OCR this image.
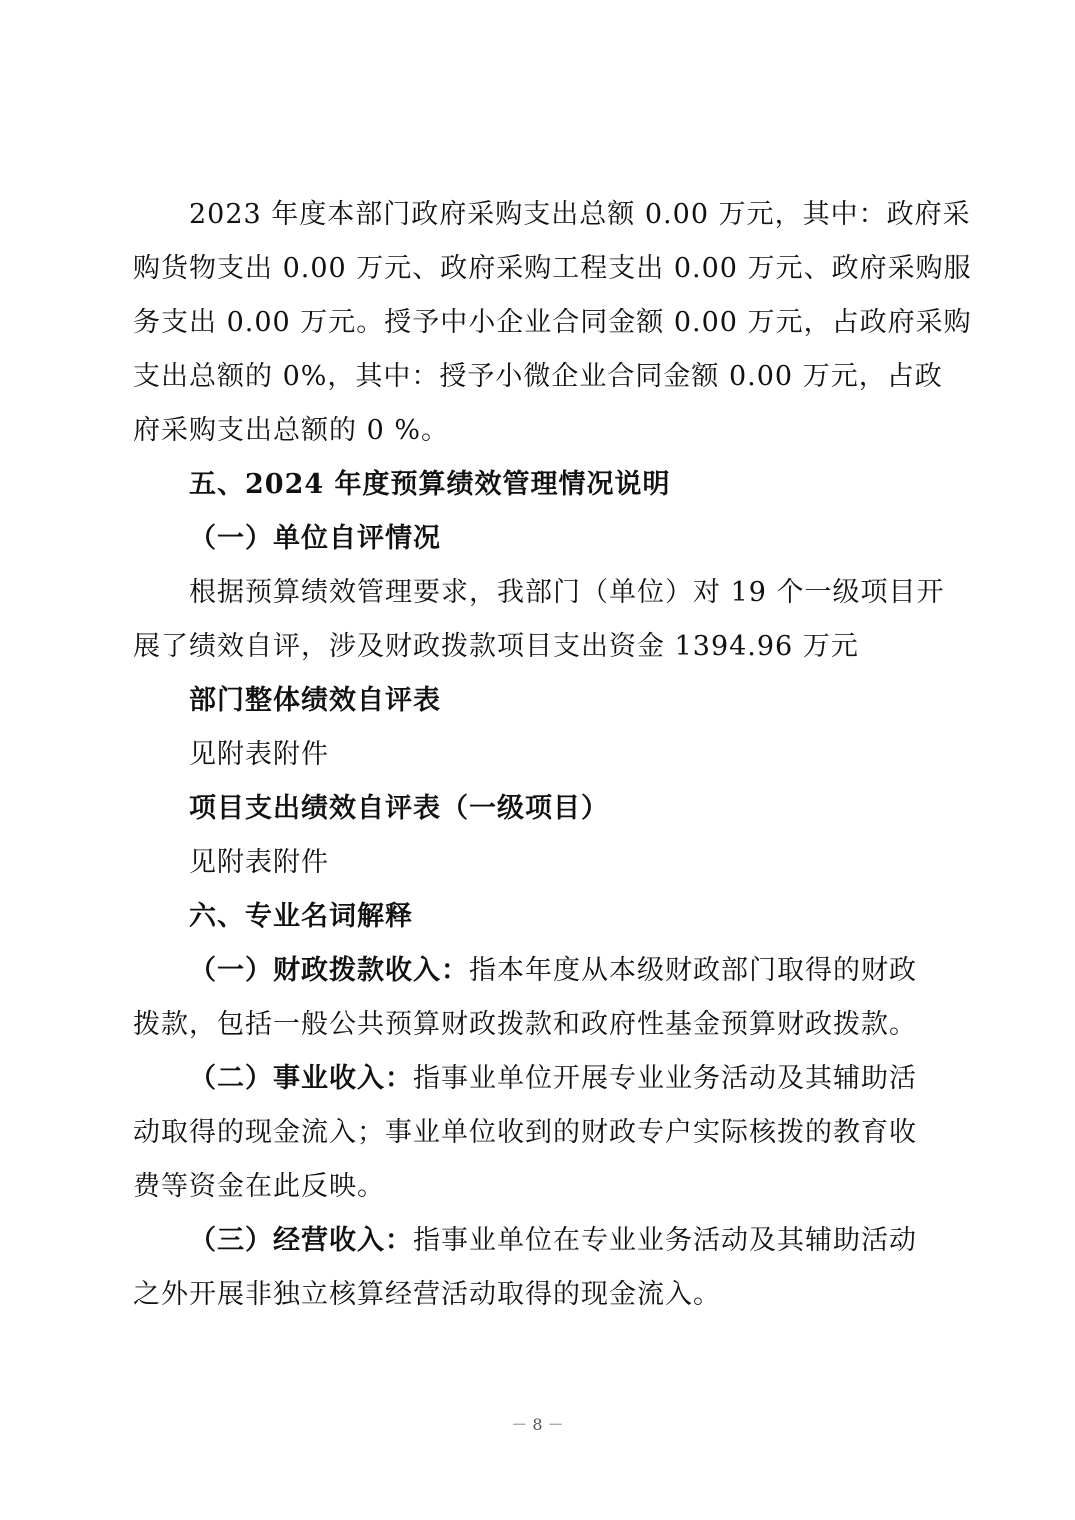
2023 年度本部门政府采购支出总额 0.00 万元，其中：政府采

购货物支出 0.00 万元、政府采购工程支出 0.00 万元、政府采购服

务支出 0.00 万元。授予中小企业合同金额 0.00 万元，占政府采购

支出总额的 0%，其中：授予小微企业合同金额 0.00 万元，占政

府采购支出总额的 0 %。

五、2024 年度预算绩效管理情况说明

（一）单位自评情况

根据预算绩效管理要求，我部门（单位）对 19 个一级项目开

展了绩效自评，涉及财政拨款项目支出资金 1394.96 万元

部门整体绩效自评表

见附表附件

项目支出绩效自评表（一级项目）

见附表附件

六、专业名词解释

（一）财政拨款收入：指本年度从本级财政部门取得的财政

拨款，包括一般公共预算财政拨款和政府性基金预算财政拨款。

（二）事业收入：指事业单位开展专业业务活动及其辅助活

动取得的现金流入；事业单位收到的财政专户实际核拨的教育收

费等资金在此反映。

（三）经营收入：指事业单位在专业业务活动及其辅助活动

之外开展非独立核算经营活动取得的现金流入。

－ 8 －
